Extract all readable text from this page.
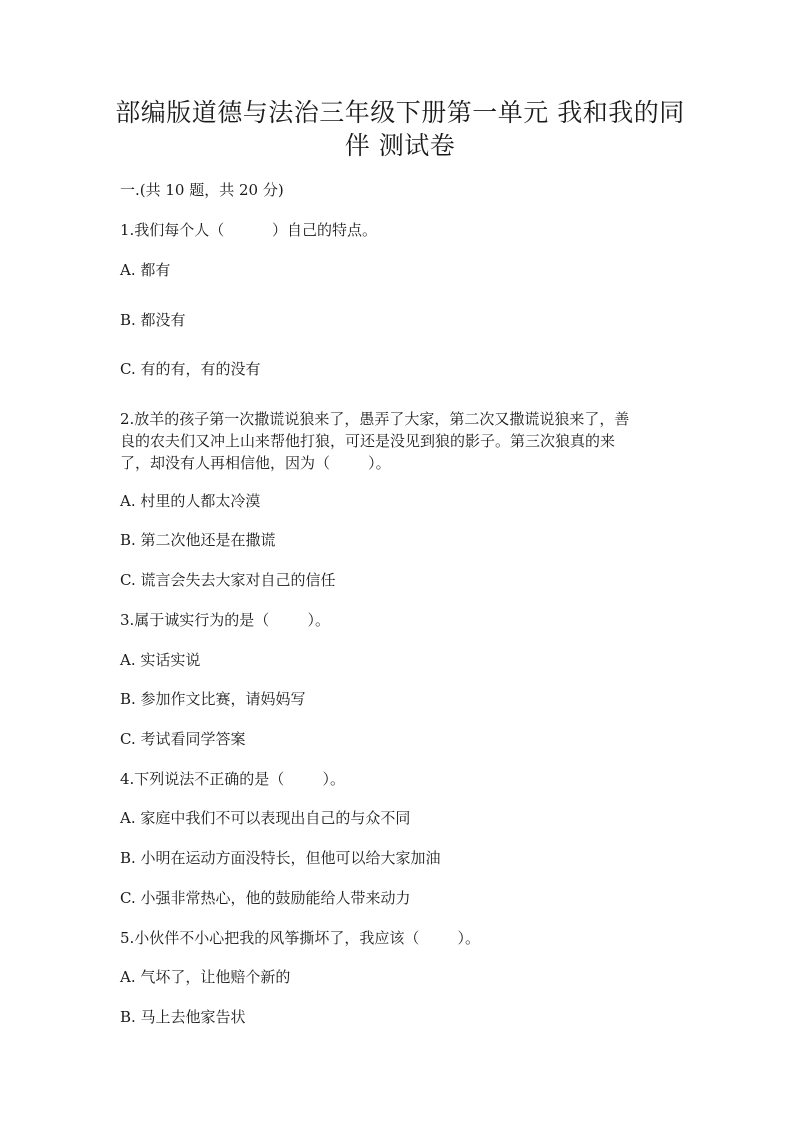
部编版道德与法治三年级下册第一单元 我和我的同
伴 测试卷

一.(共 10 题，共 20 分)

1.我们每个人（          ）自己的特点。

A. 都有

B. 都没有

C. 有的有，有的没有

2.放羊的孩子第一次撒谎说狼来了，愚弄了大家，第二次又撒谎说狼来了，善

良的农夫们又冲上山来帮他打狼，可还是没见到狼的影子。第三次狼真的来

了，却没有人再相信他，因为（        ）。

A. 村里的人都太冷漠

B. 第二次他还是在撒谎

C. 谎言会失去大家对自己的信任

3.属于诚实行为的是（        ）。

A. 实话实说

B. 参加作文比赛，请妈妈写

C. 考试看同学答案

4.下列说法不正确的是（        ）。

A. 家庭中我们不可以表现出自己的与众不同

B. 小明在运动方面没特长，但他可以给大家加油

C. 小强非常热心，他的鼓励能给人带来动力

5.小伙伴不小心把我的风筝撕坏了，我应该（        ）。

A. 气坏了，让他赔个新的

B. 马上去他家告状
